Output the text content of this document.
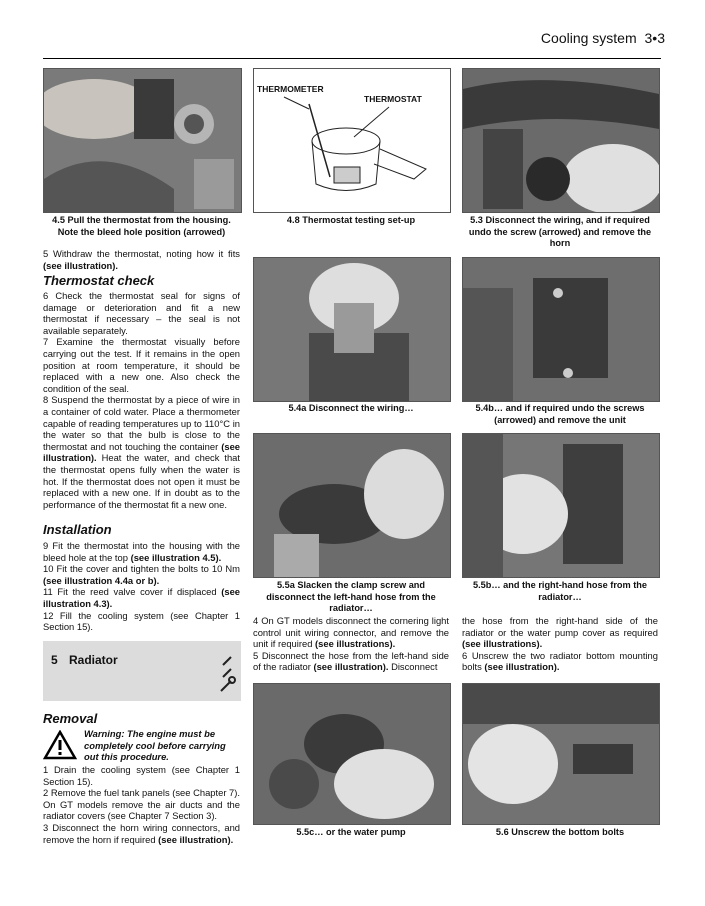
Cooling system 3•3
4.5 Pull the thermostat from the housing. Note the bleed hole position (arrowed)
THERMOMETER
THERMOSTAT
4.8 Thermostat testing set-up	5.3 Disconnect the wiring, and if required undo the screw (arrowed) and remove the horn

5 Withdraw the thermostat, noting how it fits (see illustration).

Thermostat check

6 Check the thermostat seal for signs of damage or deterioration and fit a new thermostat if necessary – the seal is not available separately.

7 Examine the thermostat visually before carrying out the test. If it remains in the open position at room temperature, it should be replaced with a new one. Also check the condition of the seal.

8 Suspend the thermostat by a piece of wire in a container of cold water. Place a thermometer capable of reading temperatures up to 110°C in the water so that the bulb is close to the thermostat and not touching the container (see illustration). Heat the water, and check that the thermostat opens fully when the water is hot. If the thermostat does not open it must be replaced with a new one. If in doubt as to the performance of the thermostat fit a new one.

Installation

9 Fit the thermostat into the housing with the bleed hole at the top (see illustration 4.5).

10 Fit the cover and tighten the bolts to 10 Nm (see illustration 4.4a or b).

11 Fit the reed valve cover if displaced (see illustration 4.3).

12 Fill the cooling system (see Chapter 1 Section 15).

5 Radiator
Removal
Warning: The engine must be completely cool before carrying out this procedure.

1 Drain the cooling system (see Chapter 1 Section 15).

2 Remove the fuel tank panels (see Chapter 7). On GT models remove the air ducts and the radiator covers (see Chapter 7 Section 3).

3 Disconnect the horn wiring connectors, and remove the horn if required (see illustration).

5.4a Disconnect the wiring…	5.4b… and if required undo the screws (arrowed) and remove the unit
5.5a Slacken the clamp screw and disconnect the left-hand hose from the radiator…
5.5b… and the right-hand hose from the radiator…

4 On GT models disconnect the cornering light control unit wiring connector, and remove the unit if required (see illustrations).

5 Disconnect the hose from the left-hand side of the radiator (see illustration). Disconnect

the hose from the right-hand side of the radiator or the water pump cover as required (see illustrations).

6 Unscrew the two radiator bottom mounting bolts (see illustration).

5.5c… or the water pump	5.6 Unscrew the bottom bolts
